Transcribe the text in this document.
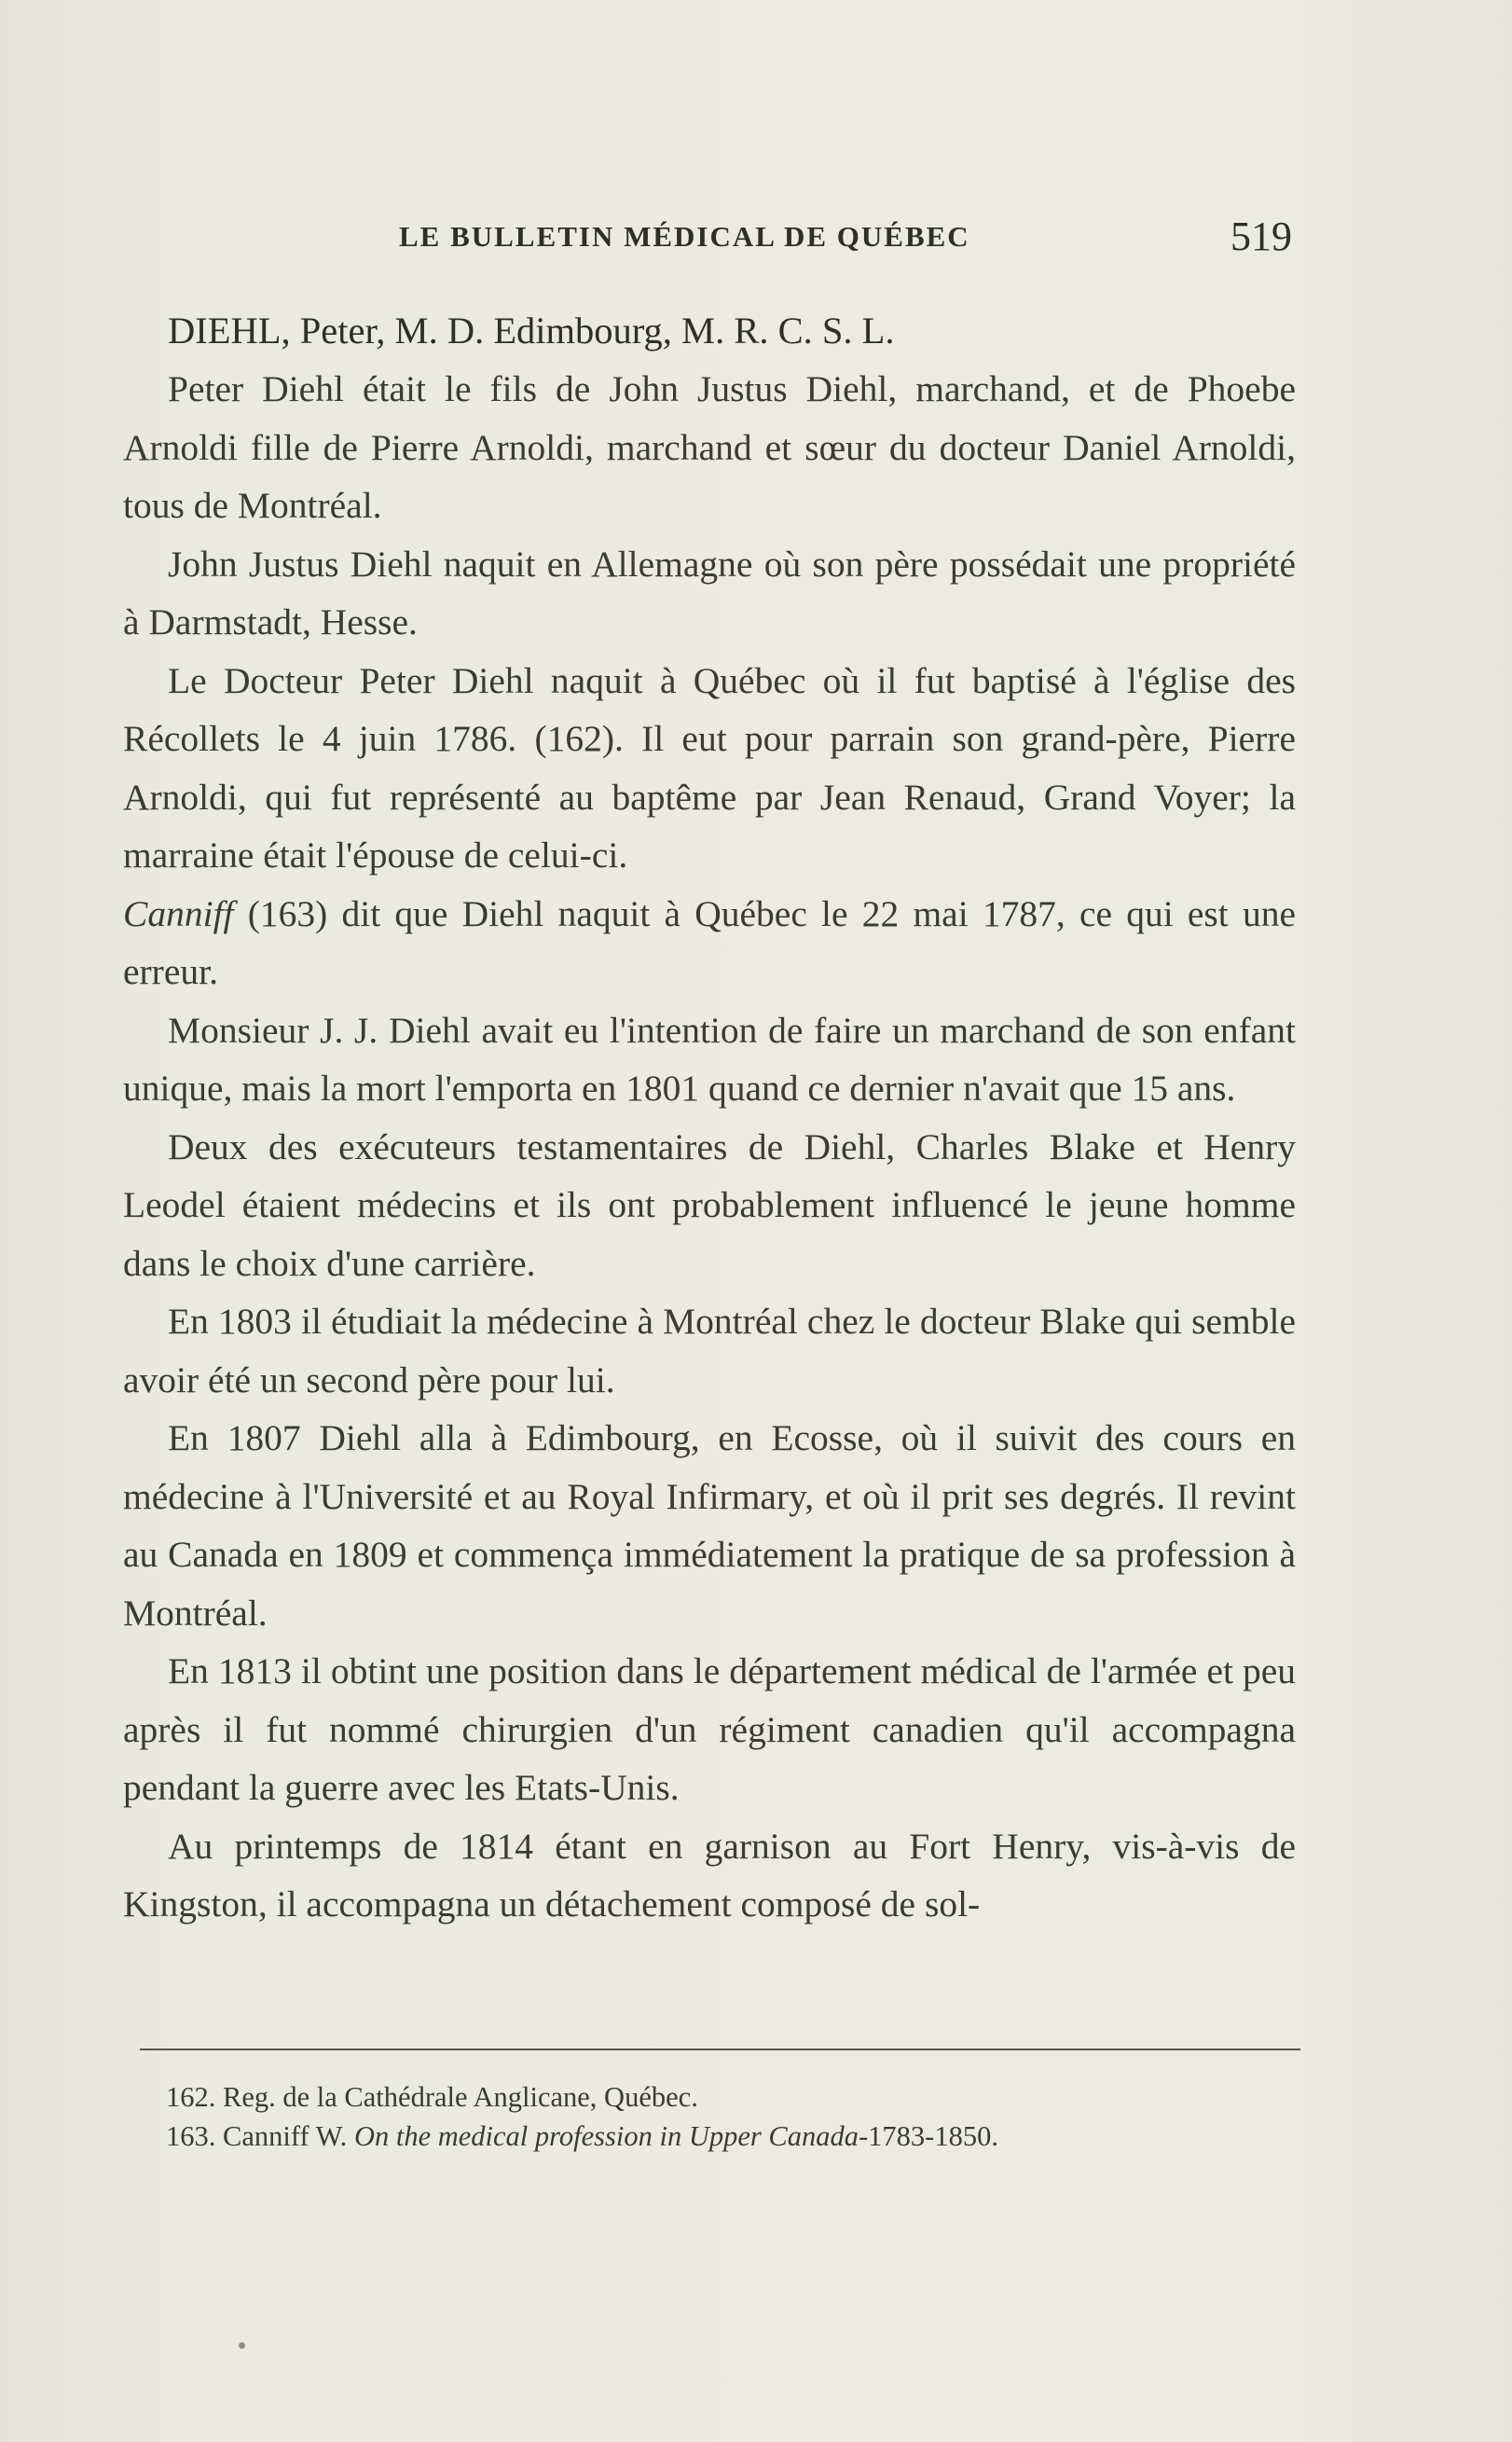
LE BULLETIN MÉDICAL DE QUÉBEC	519

DIEHL, Peter, M. D. Edimbourg, M. R. C. S. L.

Peter Diehl était le fils de John Justus Diehl, marchand, et de Phoebe Arnoldi fille de Pierre Arnoldi, marchand et sœur du docteur Daniel Arnoldi, tous de Montréal.

John Justus Diehl naquit en Allemagne où son père possédait une propriété à Darmstadt, Hesse.

Le Docteur Peter Diehl naquit à Québec où il fut baptisé à l'église des Récollets le 4 juin 1786. (162). Il eut pour parrain son grand-père, Pierre Arnoldi, qui fut représenté au baptême par Jean Renaud, Grand Voyer; la marraine était l'épouse de celui-ci.
Canniff (163) dit que Diehl naquit à Québec le 22 mai 1787, ce qui est une erreur.

Monsieur J. J. Diehl avait eu l'intention de faire un marchand de son enfant unique, mais la mort l'emporta en 1801 quand ce dernier n'avait que 15 ans.

Deux des exécuteurs testamentaires de Diehl, Charles Blake et Henry Leodel étaient médecins et ils ont probablement influencé le jeune homme dans le choix d'une carrière.

En 1803 il étudiait la médecine à Montréal chez le docteur Blake qui semble avoir été un second père pour lui.

En 1807 Diehl alla à Edimbourg, en Ecosse, où il suivit des cours en médecine à l'Université et au Royal Infirmary, et où il prit ses degrés. Il revint au Canada en 1809 et commença immédiatement la pratique de sa profession à Montréal.

En 1813 il obtint une position dans le département médical de l'armée et peu après il fut nommé chirurgien d'un régiment canadien qu'il accompagna pendant la guerre avec les Etats-Unis.

Au printemps de 1814 étant en garnison au Fort Henry, vis-à-vis de Kingston, il accompagna un détachement composé de sol-

162. Reg. de la Cathédrale Anglicane, Québec.

163. Canniff W. On the medical profession in Upper Canada-1783-1850.
